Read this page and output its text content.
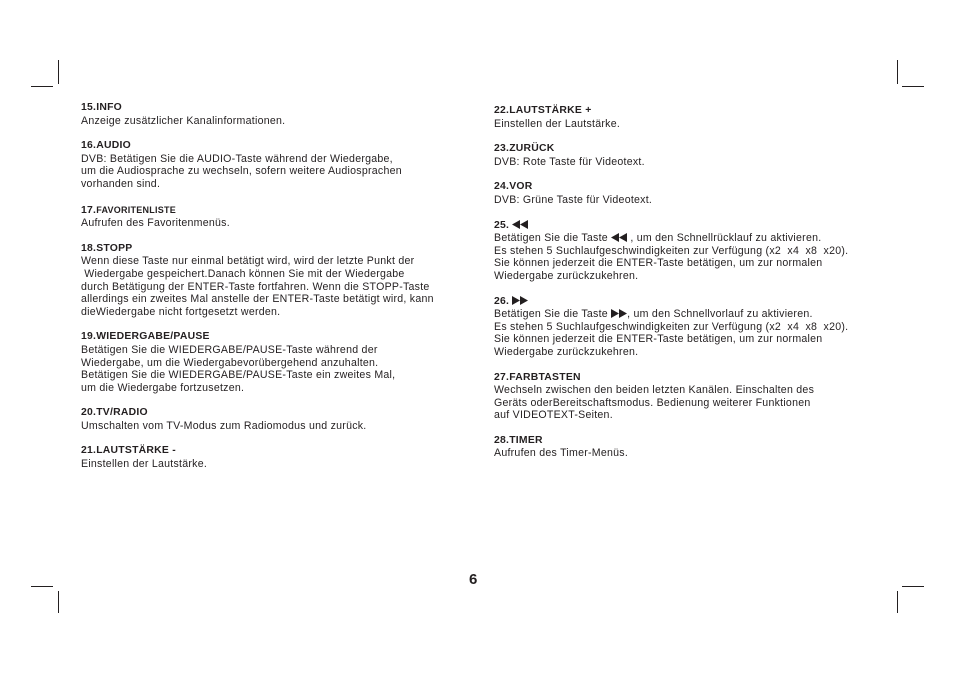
15.INFO
Anzeige zusätzlicher Kanalinformationen.
16.AUDIO
DVB: Betätigen Sie die AUDIO-Taste während der Wiedergabe,
um die Audiosprache zu wechseln, sofern weitere Audiosprachen
vorhanden sind.
17.FAVORITENLISTE
Aufrufen des Favoritenmenüs.
18.STOPP
Wenn diese Taste nur einmal betätigt wird, wird der letzte Punkt der
Wiedergabe gespeichert.Danach können Sie mit der Wiedergabe
durch Betätigung der ENTER-Taste fortfahren. Wenn die STOPP-Taste
allerdings ein zweites Mal anstelle der ENTER-Taste betätigt wird, kann
dieWiedergabe nicht fortgesetzt werden.
19.WIEDERGABE/PAUSE
Betätigen Sie die WIEDERGABE/PAUSE-Taste während der
Wiedergabe, um die Wiedergabevorübergehend anzuhalten.
Betätigen Sie die WIEDERGABE/PAUSE-Taste ein zweites Mal,
um die Wiedergabe fortzusetzen.
20.TV/RADIO
Umschalten vom TV-Modus zum Radiomodus und zurück.
21.LAUTSTÄRKE -
Einstellen der Lautstärke.
22.LAUTSTÄRKE +
Einstellen der Lautstärke.
23.ZURÜCK
DVB: Rote Taste für Videotext.
24.VOR
DVB: Grüne Taste für Videotext.
25.
Betätigen Sie die Taste  , um den Schnellrücklauf zu aktivieren.
Es stehen 5 Suchlaufgeschwindigkeiten zur Verfügung (x2  x4  x8  x20).
Sie können jederzeit die ENTER-Taste betätigen, um zur normalen
Wiedergabe zurückzukehren.
26.
Betätigen Sie die Taste , um den Schnellvorlauf zu aktivieren.
Es stehen 5 Suchlaufgeschwindigkeiten zur Verfügung (x2  x4  x8  x20).
Sie können jederzeit die ENTER-Taste betätigen, um zur normalen
Wiedergabe zurückzukehren.
27.FARBTASTEN
Wechseln zwischen den beiden letzten Kanälen. Einschalten des
Geräts oderBereitschaftsmodus. Bedienung weiterer Funktionen
auf VIDEOTEXT-Seiten.
28.TIMER
Aufrufen des Timer-Menüs.
6
